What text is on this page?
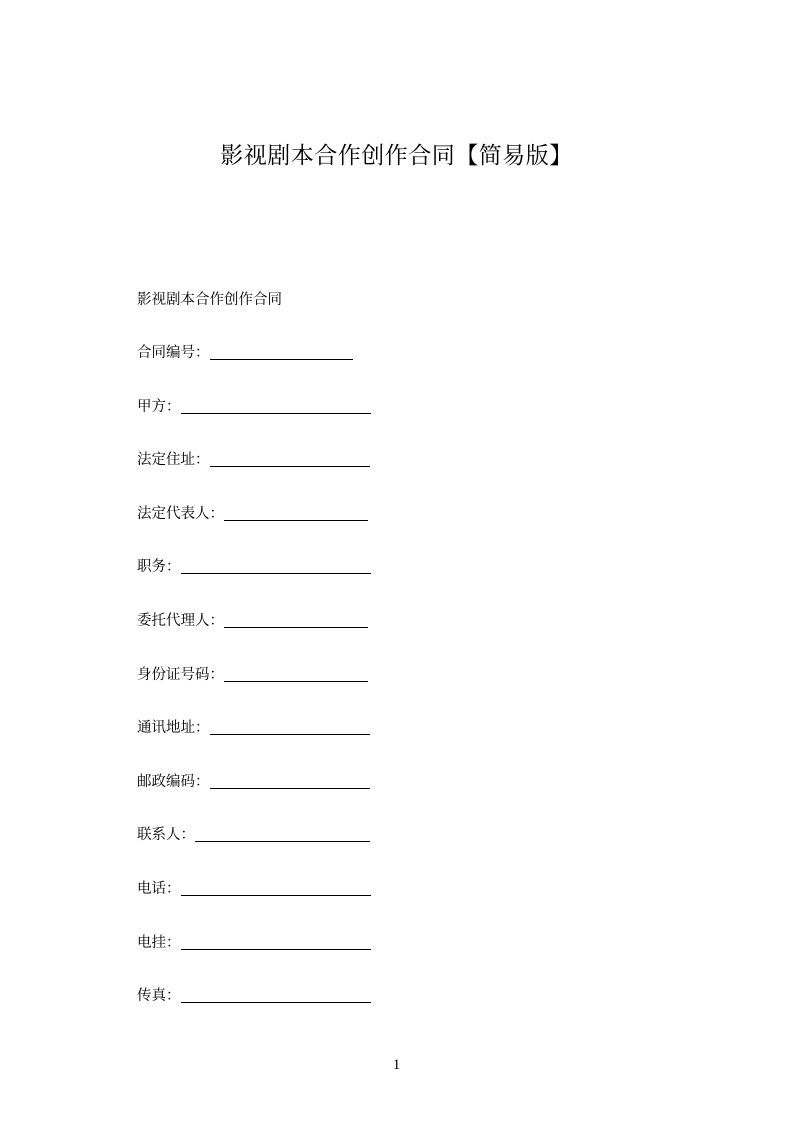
影视剧本合作创作合同【简易版】
影视剧本合作创作合同
合同编号：
甲方：
法定住址：
法定代表人：
职务：
委托代理人：
身份证号码：
通讯地址：
邮政编码：
联系人：
电话：
电挂：
传真：
1
